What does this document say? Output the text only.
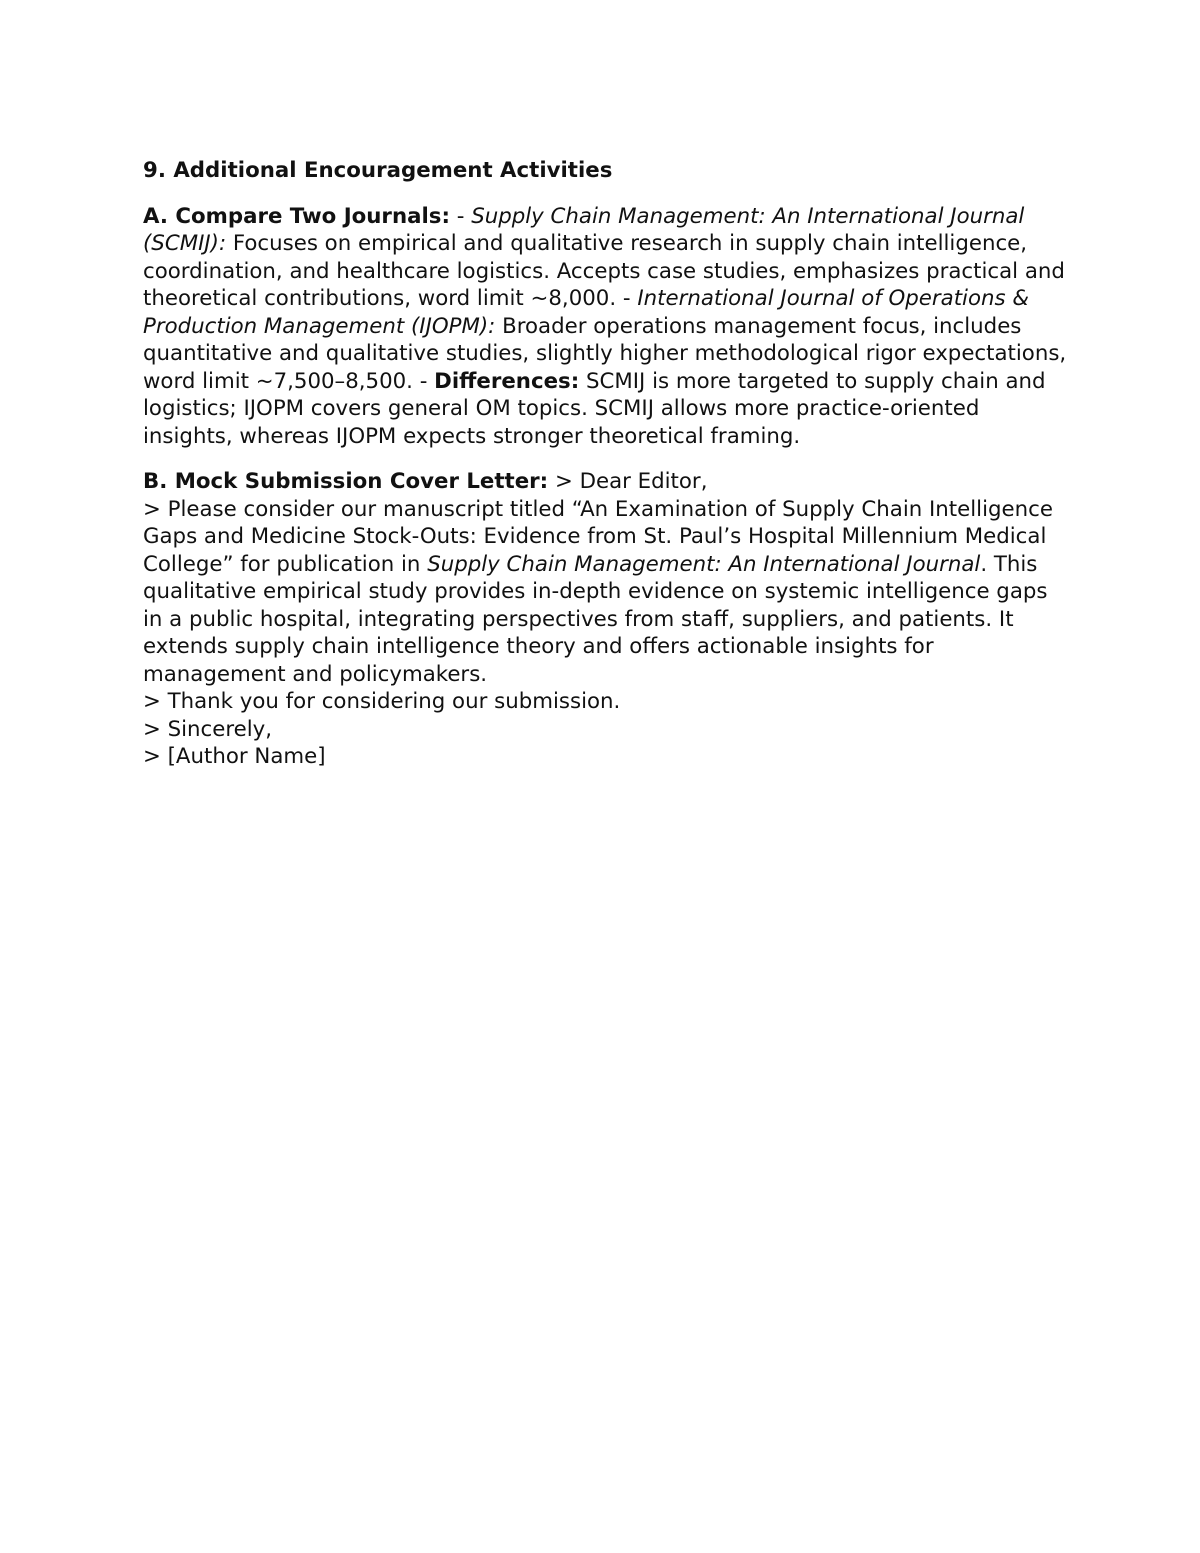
9. Additional Encouragement Activities

A. Compare Two Journals: - Supply Chain Management: An International Journal (SCMIJ): Focuses on empirical and qualitative research in supply chain intelligence, coordination, and healthcare logistics. Accepts case studies, emphasizes practical and theoretical contributions, word limit ~8,000. - International Journal of Operations & Production Management (IJOPM): Broader operations management focus, includes quantitative and qualitative studies, slightly higher methodological rigor expectations, word limit ~7,500–8,500. - Differences: SCMIJ is more targeted to supply chain and logistics; IJOPM covers general OM topics. SCMIJ allows more practice-oriented insights, whereas IJOPM expects stronger theoretical framing.

B. Mock Submission Cover Letter: > Dear Editor,
> Please consider our manuscript titled “An Examination of Supply Chain Intelligence Gaps and Medicine Stock-Outs: Evidence from St. Paul’s Hospital Millennium Medical College” for publication in Supply Chain Management: An International Journal. This qualitative empirical study provides in-depth evidence on systemic intelligence gaps in a public hospital, integrating perspectives from staff, suppliers, and patients. It extends supply chain intelligence theory and offers actionable insights for management and policymakers.
> Thank you for considering our submission.
> Sincerely,
> [Author Name]
